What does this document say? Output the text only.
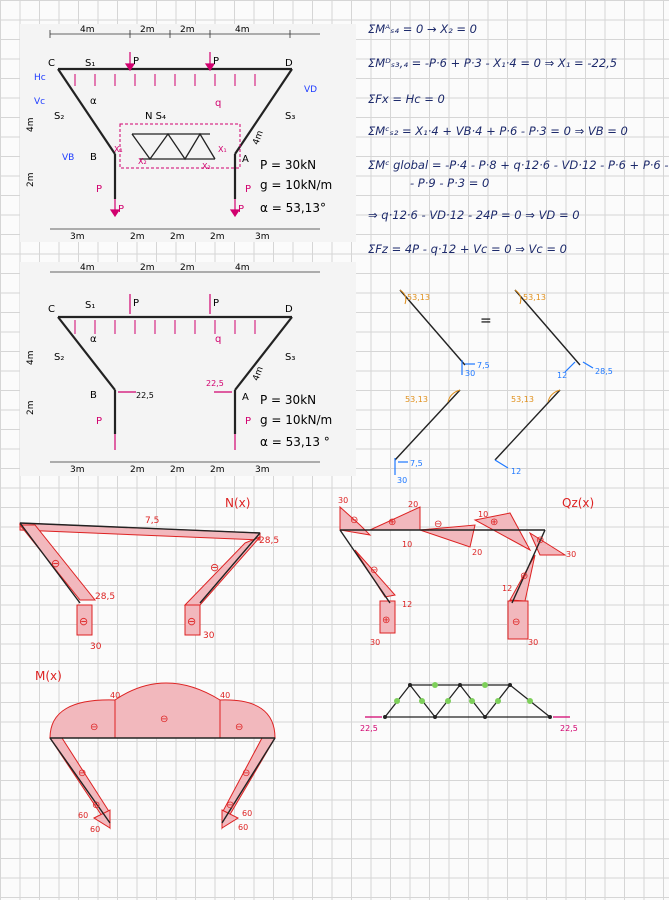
4m	2m	2m	4m
q
P	P
P
P
P
P
C	D
A
B
S₁
S₂	S₃
N S₄
α
Hc
Vc
VD
VB
X₁
X₂
X₁
X₂
4m
2m
4m
3m	2m	2m	2m	3m
P = 30kN
g = 10kN/m
α = 53,13°
4m	2m	2m	4m
q
P	P
P	P
22,5
22,5
C	D
A
B
S₁
S₂	S₃
α
4m
2m
4m
3m	2m	2m	2m	3m
P = 30kN
g = 10kN/m
α = 53,13 °
ΣMᴬₛ₄ = 0 → X₂ = 0
ΣMᴰₛ₃,₄ = -P·6 + P·3 - X₁·4 = 0 ⇒ X₁ = -22,5
ΣFx = Hc = 0
ΣMᶜₛ₂ = X₁·4 + VB·4 + P·6 - P·3 = 0 ⇒ VB = 0
ΣMᶜ global = -P·4 - P·8 + q·12·6 - VD·12 - P·6 + P·6 -
- P·9 - P·3 = 0
⇒ q·12·6 - VD·12 - 24P = 0 ⇒ VD = 0
ΣFz = 4P - q·12 + Vc = 0 ⇒ Vc = 0
53,13	53,13
53,13	53,13
=
30
7,5
12	28,5
30
7,5
12
N(x)
7,5
28,5
28,5
30
30
⊖	⊖
⊖	⊖
Qz(x)
30	20
10
10
20	30
12
12
30	30
⊖	⊕	⊖	⊕
⊖
⊖
⊕
⊕	⊖
M(x)
40	40
60
60
60
60
⊖
⊖
⊖
⊖	⊖
⊖	⊖
22,5	22,5
